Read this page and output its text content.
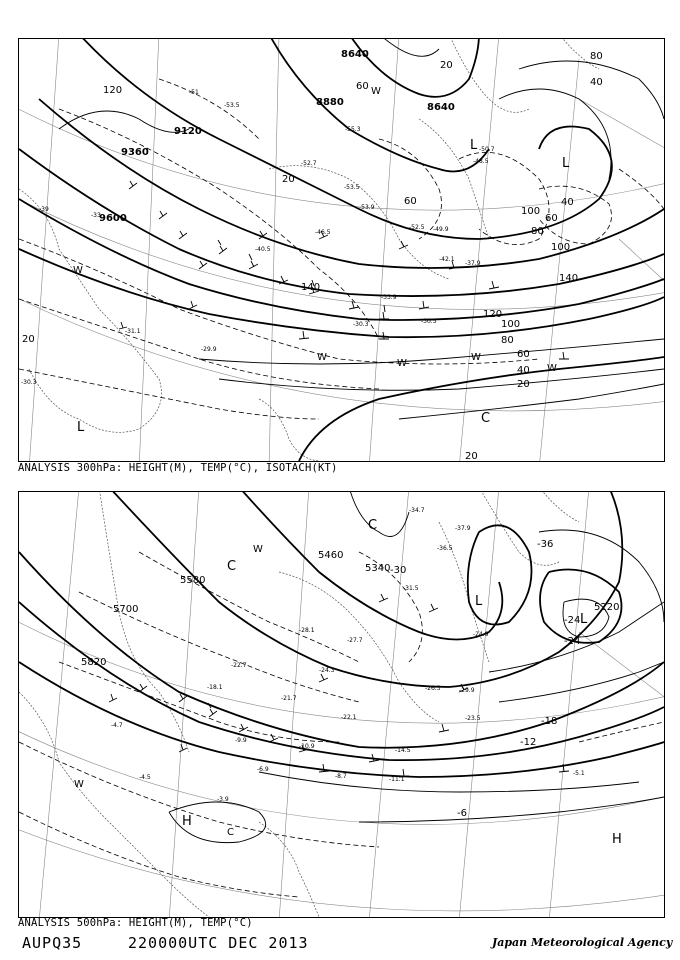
8640
8880	8640
9120
9360
9600
120
20
60
20
20
80
40
40
60
80
100
100
140
120
100
80
60
40
20
140
20
60
-51
-53.5
-55.3
-52.7
-53.5
-46.5
-40.5
-37.9
-33.9
-30.5
-30.3
-29.9
-31.1
-30.3
-33
-39
-48.5
-52.5
-50.7
-49.9
-42.1
-53.9
L
L
L
W
W
W
W
W
C
W
ANALYSIS 300hPa: HEIGHT(M), TEMP(°C), ISOTACH(KT)
5460
5340
5580
5700
5820
5220
-36
-30
-24
-24
-18
-12
-6
-34.7
-37.9
-36.5
-31.5
-29.9
-27.7
-28.1
-24.9
-26.3
-23.5
-22.1
-14.5
-11.1
-10.9
-8.7
-6.9
-4.7
-4.5
-3.9
-5.1
-9.9
-18.1
-21.7
-22.7
-24.3
C
C
L
L
W
W
H
H
C
ANALYSIS 500hPa: HEIGHT(M), TEMP(°C)
AUPQ35	220000UTC DEC 2013	Japan Meteorological Agency
